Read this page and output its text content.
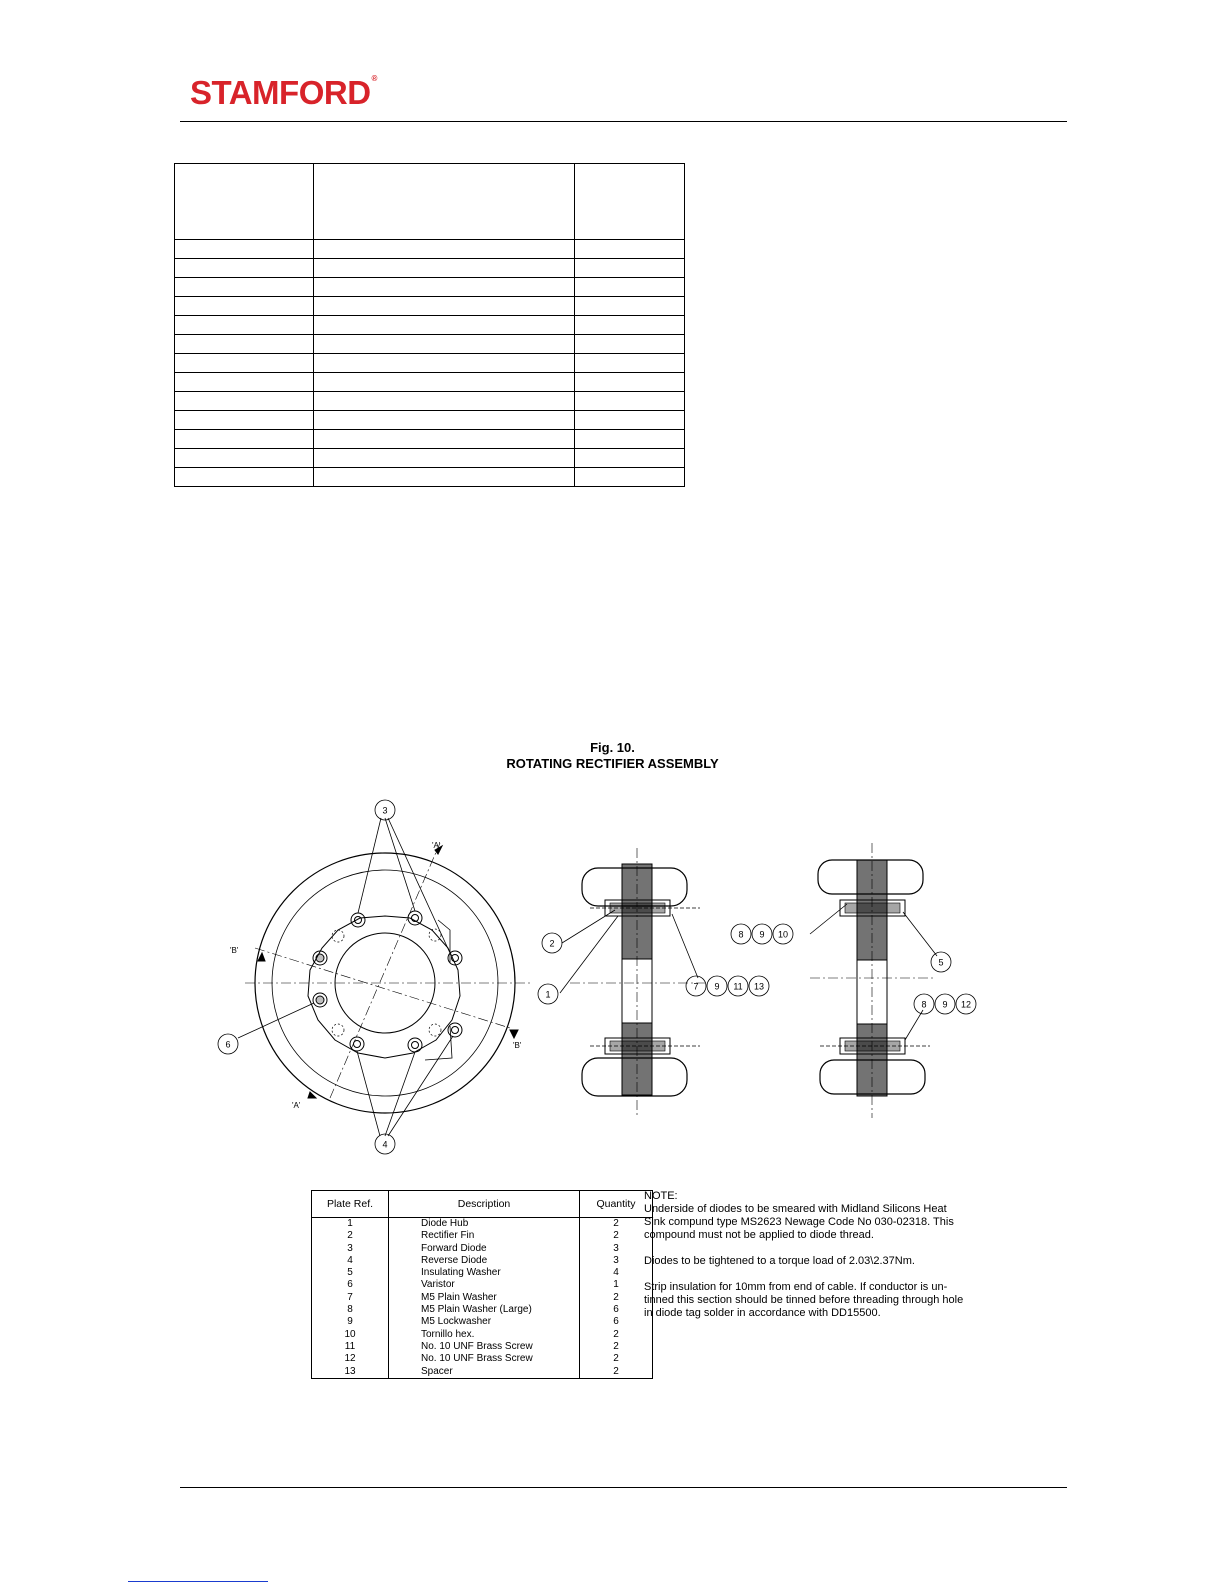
STAMFORD®

Fig. 10.
ROTATING RECTIFIER ASSEMBLY
3
4
6
'A'
'A'
'B'
'B'
2
1
7 9 11 13
8 9 10
5
8 9 12
Plate Ref.	Description	Quantity
1	Diode Hub	2
2	Rectifier Fin	2
3	Forward Diode	3
4	Reverse Diode	3
5	Insulating Washer	4
6	Varistor	1
7	M5 Plain Washer	2
8	M5 Plain Washer (Large)	6
9	M5 Lockwasher	6
10	Tornillo hex.	2
11	No. 10 UNF Brass Screw	2
12	No. 10 UNF Brass Screw	2
13	Spacer	2

NOTE:

Underside of diodes to be smeared with Midland Silicons Heat Sink compund type MS2623 Newage Code No 030-02318. This compound must not be applied to diode thread.

Diodes to be tightened to a torque load of 2.03\2.37Nm.

Strip insulation for 10mm from end of cable. If conductor is un-tinned this section should be tinned before threading through hole in diode tag solder in accordance with DD15500.
